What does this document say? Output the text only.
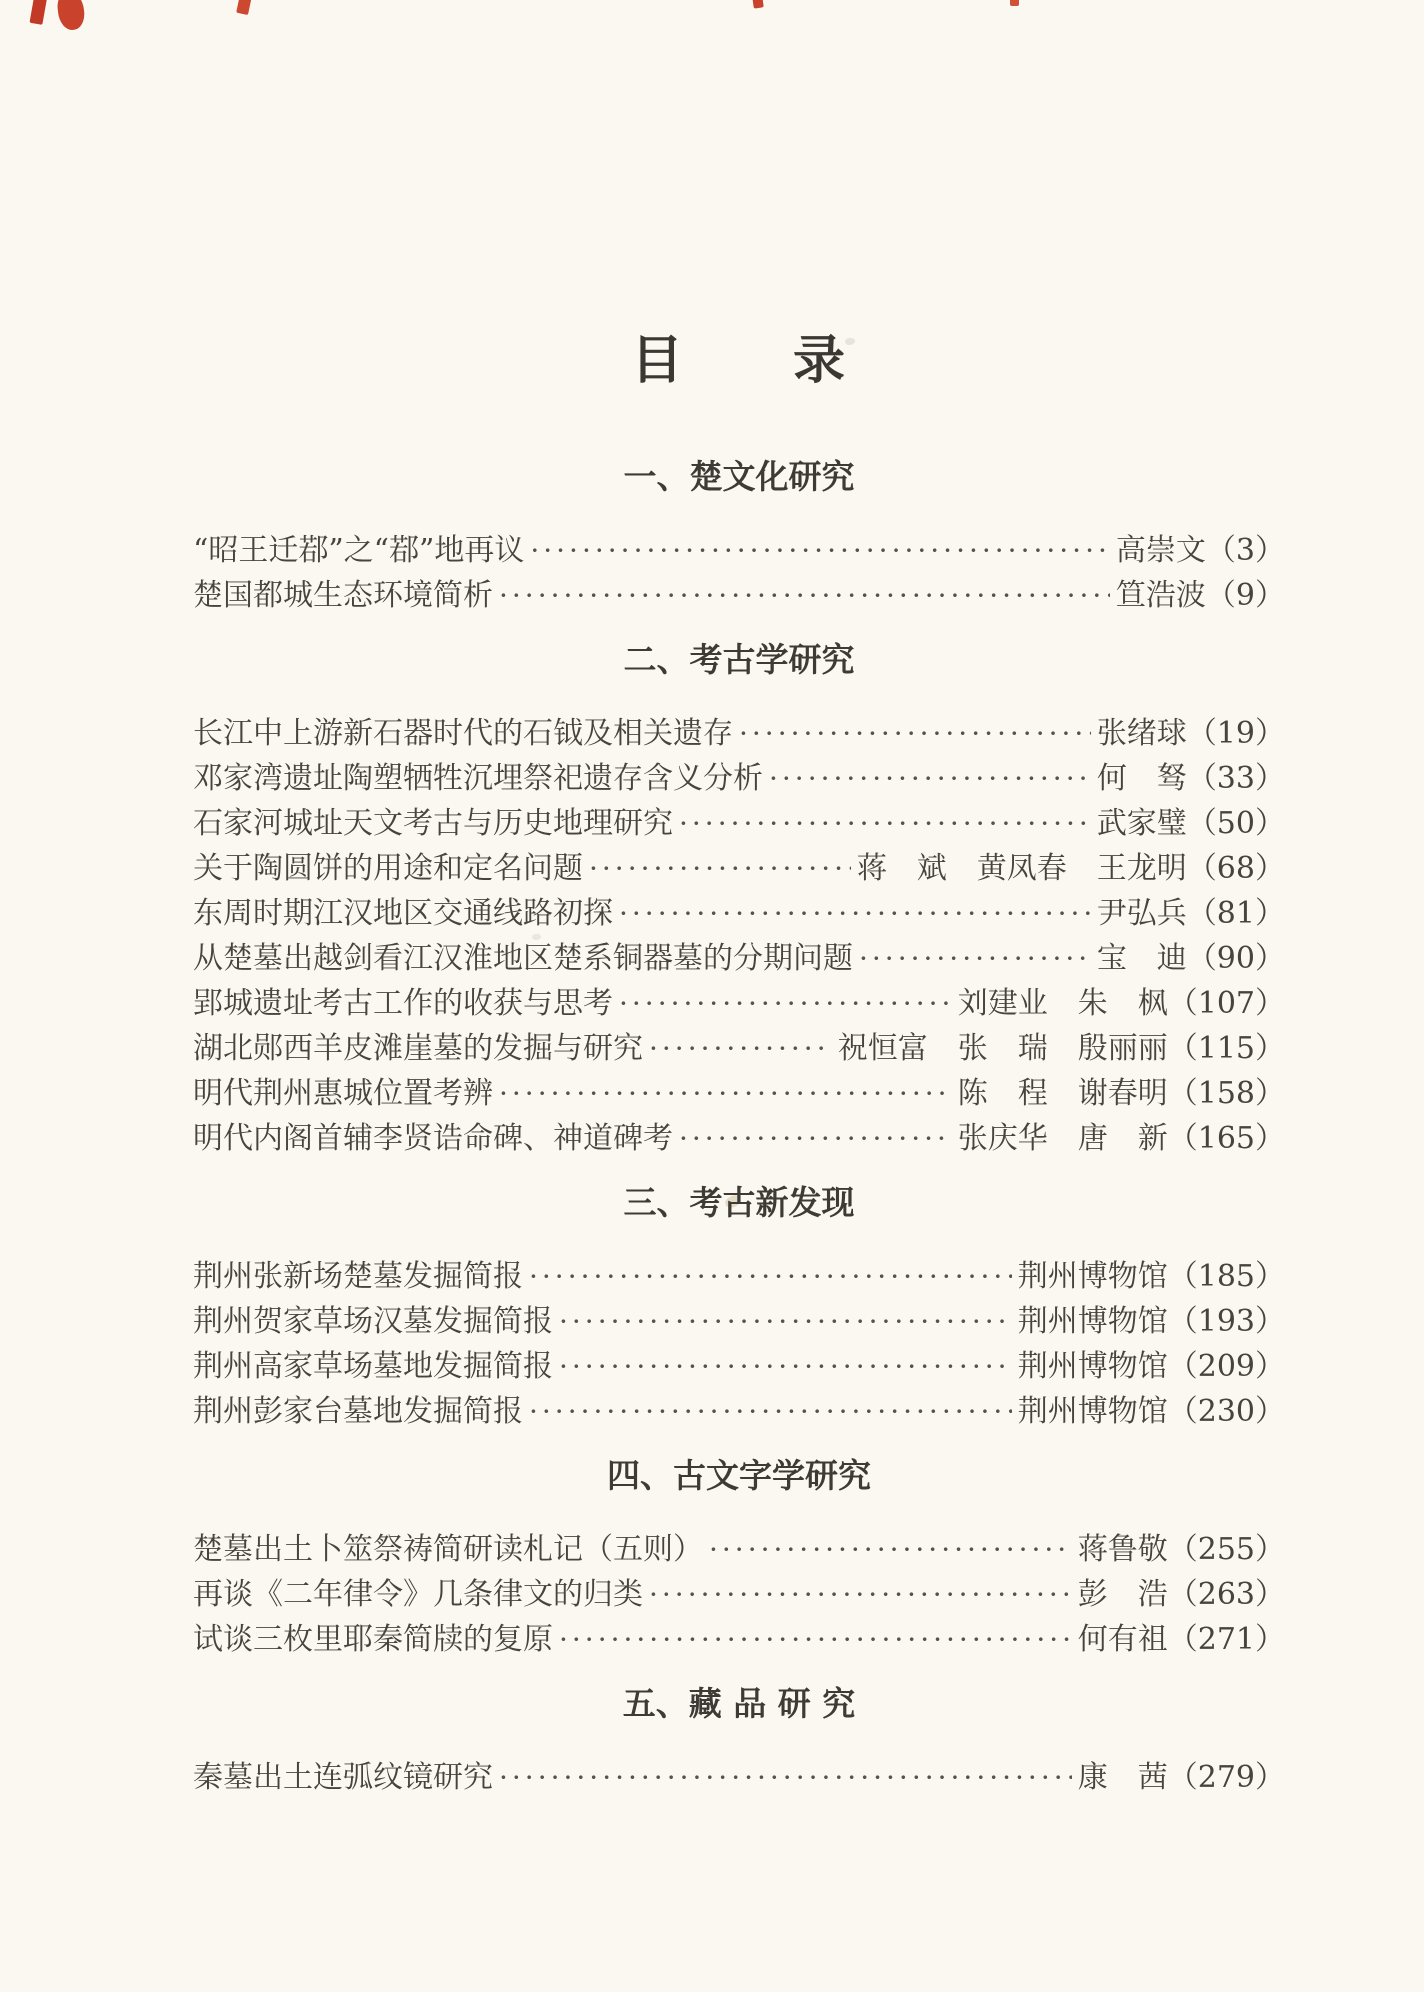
目　　录
一、楚文化研究
“昭王迁鄀”之“鄀”地再议 ·····	高崇文 （3）
楚国都城生态环境简析 ·····	笪浩波 （9）
二、考古学研究
长江中上游新石器时代的石钺及相关遗存 ·····	张绪球 （19）
邓家湾遗址陶塑牺牲沉埋祭祀遗存含义分析 ·····	何　驽 （33）
石家河城址天文考古与历史地理研究 ·····	武家璧 （50）
关于陶圆饼的用途和定名问题 ·····	蒋　斌　黄凤春　王龙明 （68）
东周时期江汉地区交通线路初探 ·····	尹弘兵 （81）
从楚墓出越剑看江汉淮地区楚系铜器墓的分期问题 ·····	宝　迪 （90）
郢城遗址考古工作的收获与思考 ·····	刘建业　朱　枫 （107）
湖北郧西羊皮滩崖墓的发掘与研究 ·····	祝恒富　张　瑞　殷丽丽 （115）
明代荆州惠城位置考辨 ·····	陈　程　谢春明 （158）
明代内阁首辅李贤诰命碑、神道碑考 ·····	张庆华　唐　新 （165）
三、考古新发现
荆州张新场楚墓发掘简报 ·····	荆州博物馆 （185）
荆州贺家草场汉墓发掘简报 ·····	荆州博物馆 （193）
荆州高家草场墓地发掘简报 ·····	荆州博物馆 （209）
荆州彭家台墓地发掘简报 ·····	荆州博物馆 （230）
四、古文字学研究
楚墓出土卜筮祭祷简研读札记（五则） ·····	蒋鲁敬 （255）
再谈《二年律令》几条律文的归类 ·····	彭　浩 （263）
试谈三枚里耶秦简牍的复原 ·····	何有祖 （271）
五、藏 品 研 究
秦墓出土连弧纹镜研究 ·····	康　茜 （279）
